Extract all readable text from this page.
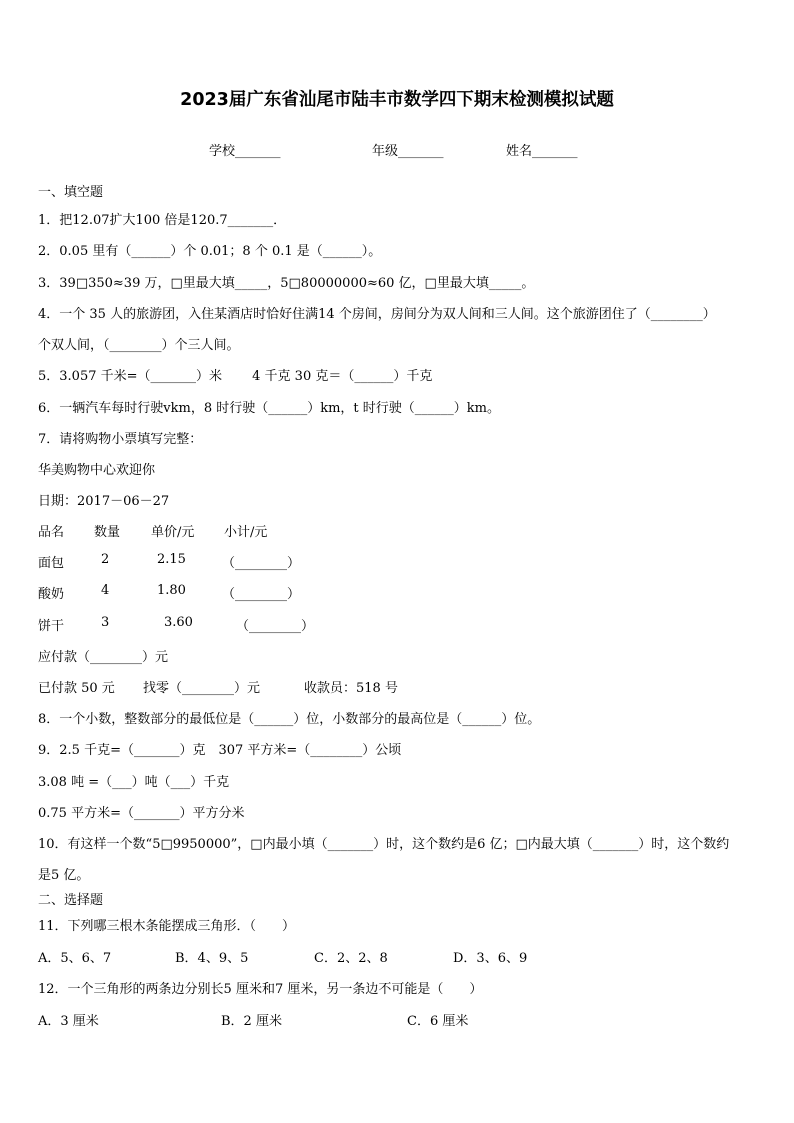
2023届广东省汕尾市陆丰市数学四下期末检测模拟试题
学校_______	年级_______	姓名_______
一、填空题
1．把12.07扩大100 倍是120.7_______．
2．0.05 里有（______）个 0.01；8 个 0.1 是（______）。
3．39□350≈39 万，□里最大填_____，5□80000000≈60 亿，□里最大填_____。
4．一个 35 人的旅游团，入住某酒店时恰好住满14 个房间，房间分为双人间和三人间。这个旅游团住了（________）
个双人间，（________）个三人间。
5．3.057 千米=（_______）米　　 4 千克 30 克＝（______）千克
6．一辆汽车每时行驶vkm，8 时行驶（______）km，t 时行驶（______）km。
7．请将购物小票填写完整：
华美购物中心欢迎你
日期：2017－06－27
品名 数量 单价/元 小计/元
面包	2	2.15	（________）
酸奶	4	1.80	（________）
饼干	3	3.60	（________）
应付款（________）元
已付款 50 元 找零（________）元	收款员：518 号
8．一个小数，整数部分的最低位是（______）位，小数部分的最高位是（______）位。
9．2.5 千克=（_______）克　307 平方米=（________）公顷
3.08 吨 =（___）吨（___）千克
0.75 平方米=（_______）平方分米
10．有这样一个数“5□9950000”，□内最小填（_______）时，这个数约是6 亿；□内最大填（_______）时，这个数约
是5 亿。
二、选择题
11．下列哪三根木条能摆成三角形．（　　）
A．5、6、7	B．4、9、5	C．2、2、8	D．3、6、9
12．一个三角形的两条边分别长5 厘米和7 厘米，另一条边不可能是（　　）
A．3 厘米	B．2 厘米	C．6 厘米
